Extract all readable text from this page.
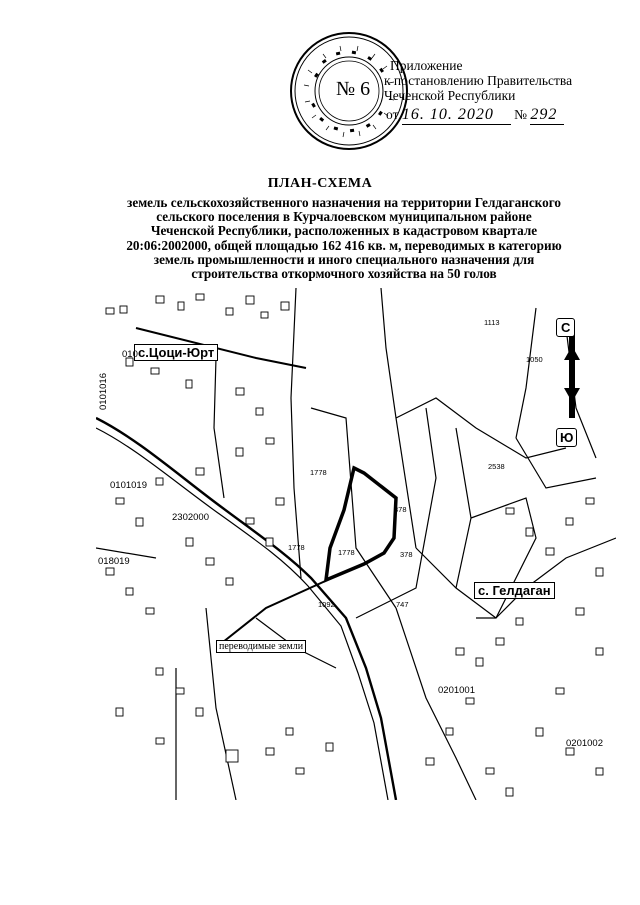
№ 6
Приложение
к постановлению Правительства
Чеченской Республики
от 16. 10. 2020 № 292
ПЛАН-СХЕМА
земель сельскохозяйственного назначения на территории Гелдаганского
сельского поселения в Курчалоевском муниципальном районе
Чеченской Республики, расположенных в кадастровом квартале
20:06:2002000, общей площадью 162 416 кв. м, переводимых в категорию
земель промышленности и иного специального назначения для
строительства откормочного хозяйства на 50 голов
с.Цоци-Юрт
с. Гелдаган
переводимые земли
С
Ю
2302000
0201001
0201002
0101016
0101019
018019
010
1778
1778
1778
378
378
747
2538
1113
1050
1092
